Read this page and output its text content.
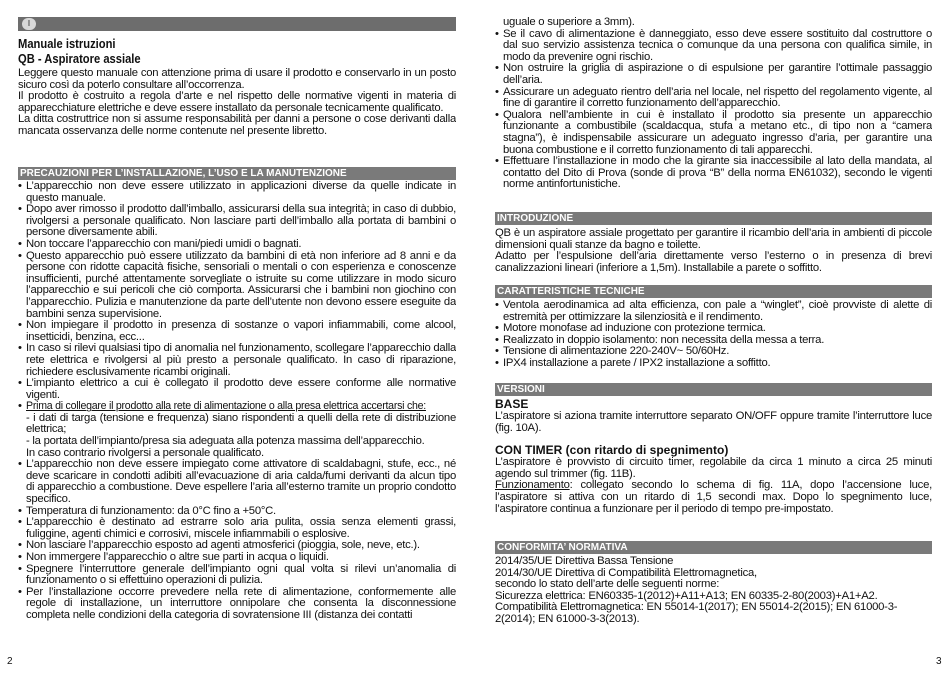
I
Manuale istruzioni
QB - Aspiratore assiale

Leggere questo manuale con attenzione prima di usare il prodotto e conservarlo in un posto sicuro così da poterlo consultare all’occorrenza.

Il prodotto è costruito a regola d’arte e nel rispetto delle normative vigenti in materia di apparecchiature elettriche e deve essere installato da personale tecnicamente qualificato.

La ditta costruttrice non si assume responsabilità per danni a persone o cose derivanti dalla mancata osservanza delle norme contenute nel presente libretto.

PRECAUZIONI PER L’INSTALLAZIONE, L’USO E LA MANUTENZIONE
• L’apparecchio non deve essere utilizzato in applicazioni diverse da quelle indicate in questo manuale.
• Dopo aver rimosso il prodotto dall’imballo, assicurarsi della sua integrità; in caso di dubbio, rivolgersi a personale qualificato. Non lasciare parti dell’imballo alla portata di bambini o persone diversamente abili.
• Non toccare l’apparecchio con mani/piedi umidi o bagnati.
• Questo apparecchio può essere utilizzato da bambini di età non inferiore ad 8 anni e da persone con ridotte capacità fisiche, sensoriali o mentali o con esperienza e conoscenze insufficienti, purché attentamente sorvegliate o istruite su come utilizzare in modo sicuro l’apparecchio e sui pericoli che ciò comporta. Assicurarsi che i bambini non giochino con l’apparecchio. Pulizia e manutenzione da parte dell’utente non devono essere eseguite da bambini senza supervisione.
• Non impiegare il prodotto in presenza di sostanze o vapori infiammabili, come alcool, insetticidi, benzina, ecc...
• In caso si rilevi qualsiasi tipo di anomalia nel funzionamento, scollegare l’apparecchio dalla rete elettrica e rivolgersi al più presto a personale qualificato. In caso di riparazione, richiedere esclusivamente ricambi originali.
• L’impianto elettrico a cui è collegato il prodotto deve essere conforme alle normative vigenti.
• Prima di collegare il prodotto alla rete di alimentazione o alla presa elettrica accertarsi che:
- i dati di targa (tensione e frequenza) siano rispondenti a quelli della rete di distribuzione elettrica;
- la portata dell’impianto/presa sia adeguata alla potenza massima dell’apparecchio.
In caso contrario rivolgersi a personale qualificato.
• L’apparecchio non deve essere impiegato come attivatore di scaldabagni, stufe, ecc., né deve scaricare in condotti adibiti all’evacuazione di aria calda/fumi derivanti da alcun tipo di apparecchio a combustione. Deve espellere l’aria all’esterno tramite un proprio condotto specifico.
• Temperatura di funzionamento: da 0°C fino a +50°C.
• L’apparecchio è destinato ad estrarre solo aria pulita, ossia senza elementi grassi, fuliggine, agenti chimici e corrosivi, miscele infiammabili o esplosive.
• Non lasciare l’apparecchio esposto ad agenti atmosferici (pioggia, sole, neve, etc.).
• Non immergere l’apparecchio o altre sue parti in acqua o liquidi.
• Spegnere l’interruttore generale dell’impianto ogni qual volta si rilevi un’anomalia di funzionamento o si effettuino operazioni di pulizia.
• Per l’installazione occorre prevedere nella rete di alimentazione, conformemente alle regole di installazione, un interruttore onnipolare che consenta la disconnessione completa nelle condizioni della categoria di sovratensione III (distanza dei contatti
2
uguale o superiore a 3mm).
• Se il cavo di alimentazione è danneggiato, esso deve essere sostituito dal costruttore o dal suo servizio assistenza tecnica o comunque da una persona con qualifica simile, in modo da prevenire ogni rischio.
• Non ostruire la griglia di aspirazione o di espulsione per garantire l’ottimale passaggio dell’aria.
• Assicurare un adeguato rientro dell’aria nel locale, nel rispetto del regolamento vigente, al fine di garantire il corretto funzionamento dell’apparecchio.
• Qualora nell’ambiente in cui è installato il prodotto sia presente un apparecchio funzionante a combustibile (scaldacqua, stufa a metano etc., di tipo non a “camera stagna”), è indispensabile assicurare un adeguato ingresso d’aria, per garantire una buona combustione e il corretto funzionamento di tali apparecchi.
• Effettuare l’installazione in modo che la girante sia inaccessibile al lato della mandata, al contatto del Dito di Prova (sonde di prova “B” della norma EN61032), secondo le vigenti norme antinfortunistiche.
INTRODUZIONE

QB è un aspiratore assiale progettato per garantire il ricambio dell’aria in ambienti di piccole dimensioni quali stanze da bagno e toilette.

Adatto per l’espulsione dell’aria direttamente verso l’esterno o in presenza di brevi canalizzazioni lineari (inferiore a 1,5m). Installabile a parete o soffitto.

CARATTERISTICHE TECNICHE
• Ventola aerodinamica ad alta efficienza, con pale a “winglet”, cioè provviste di alette di estremità per ottimizzare la silenziosità e il rendimento.
• Motore monofase ad induzione con protezione termica.
• Realizzato in doppio isolamento: non necessita della messa a terra.
• Tensione di alimentazione 220-240V~ 50/60Hz.
• IPX4 installazione a parete / IPX2 installazione a soffitto.
VERSIONI
BASE
L’aspiratore si aziona tramite interruttore separato ON/OFF oppure tramite l’interruttore luce (fig. 10A).
CON TIMER (con ritardo di spegnimento)
L’aspiratore è provvisto di circuito timer, regolabile da circa 1 minuto a circa 25 minuti agendo sul trimmer (fig. 11B).
Funzionamento: collegato secondo lo schema di fig. 11A, dopo l’accensione luce, l’aspiratore si attiva con un ritardo di 1,5 secondi max. Dopo lo spegnimento luce, l’aspiratore continua a funzionare per il periodo di tempo pre-impostato.
CONFORMITA’ NORMATIVA
2014/35/UE Direttiva Bassa Tensione
2014/30/UE Direttiva di Compatibilità Elettromagnetica,
secondo lo stato dell’arte delle seguenti norme:
Sicurezza elettrica: EN60335-1(2012)+A11+A13; EN 60335-2-80(2003)+A1+A2.
Compatibilità Elettromagnetica: EN 55014-1(2017); EN 55014-2(2015); EN 61000-3-2(2014); EN 61000-3-3(2013).
3
